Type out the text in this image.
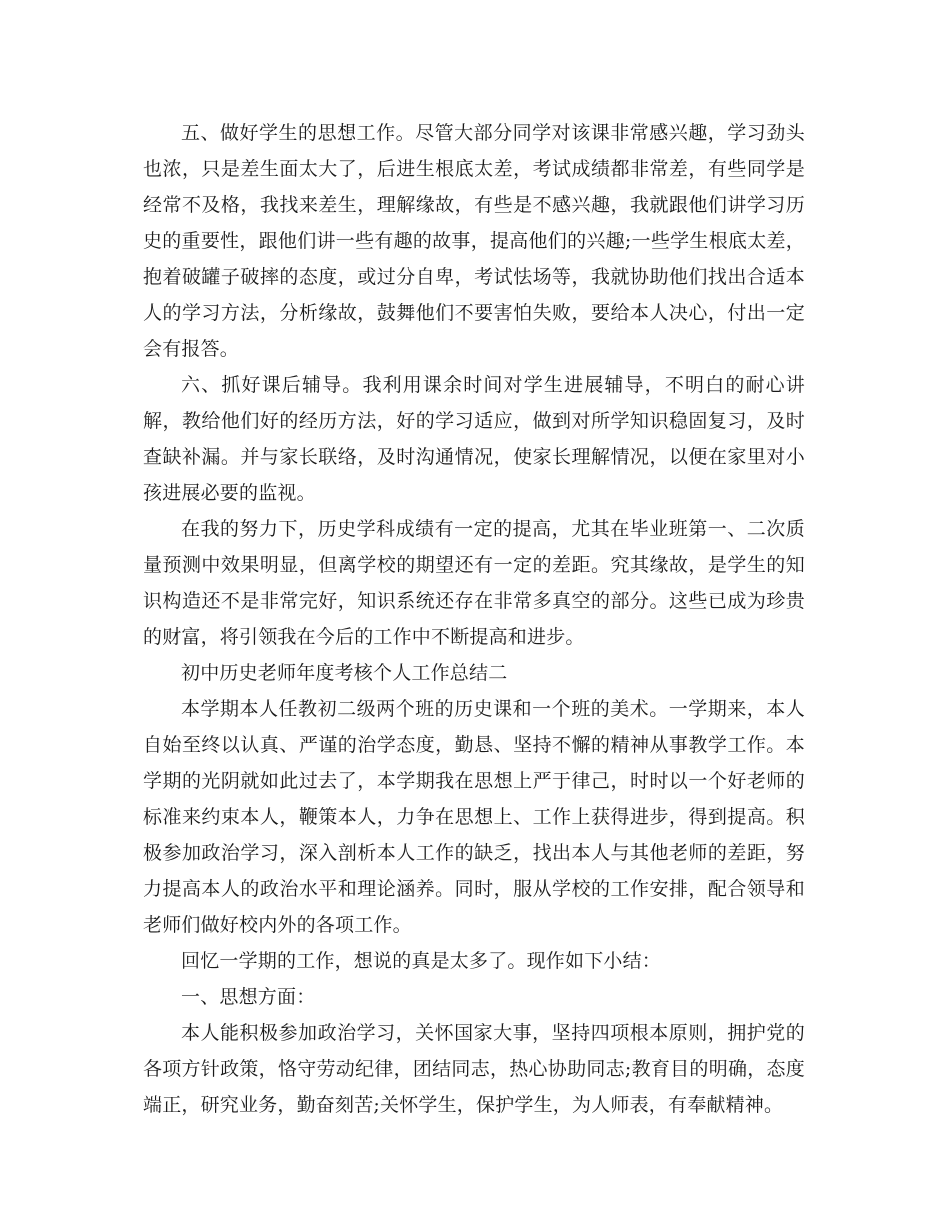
五、做好学生的思想工作。尽管大部分同学对该课非常感兴趣，学习劲头也浓，只是差生面太大了，后进生根底太差，考试成绩都非常差，有些同学是经常不及格，我找来差生，理解缘故，有些是不感兴趣，我就跟他们讲学习历史的重要性，跟他们讲一些有趣的故事，提高他们的兴趣;一些学生根底太差，抱着破罐子破摔的态度，或过分自卑，考试怯场等，我就协助他们找出合适本人的学习方法，分析缘故，鼓舞他们不要害怕失败，要给本人决心，付出一定会有报答。

六、抓好课后辅导。我利用课余时间对学生进展辅导，不明白的耐心讲解，教给他们好的经历方法，好的学习适应，做到对所学知识稳固复习，及时查缺补漏。并与家长联络，及时沟通情况，使家长理解情况，以便在家里对小孩进展必要的监视。

在我的努力下，历史学科成绩有一定的提高，尤其在毕业班第一、二次质量预测中效果明显，但离学校的期望还有一定的差距。究其缘故，是学生的知识构造还不是非常完好，知识系统还存在非常多真空的部分。这些已成为珍贵的财富，将引领我在今后的工作中不断提高和进步。

初中历史老师年度考核个人工作总结二

本学期本人任教初二级两个班的历史课和一个班的美术。一学期来，本人自始至终以认真、严谨的治学态度，勤恳、坚持不懈的精神从事教学工作。本学期的光阴就如此过去了，本学期我在思想上严于律己，时时以一个好老师的标准来约束本人，鞭策本人，力争在思想上、工作上获得进步，得到提高。积极参加政治学习，深入剖析本人工作的缺乏，找出本人与其他老师的差距，努力提高本人的政治水平和理论涵养。同时，服从学校的工作安排，配合领导和老师们做好校内外的各项工作。

回忆一学期的工作，想说的真是太多了。现作如下小结：

一、思想方面：

本人能积极参加政治学习，关怀国家大事，坚持四项根本原则，拥护党的各项方针政策，恪守劳动纪律，团结同志，热心协助同志;教育目的明确，态度端正，研究业务，勤奋刻苦;关怀学生，保护学生，为人师表，有奉献精神。
